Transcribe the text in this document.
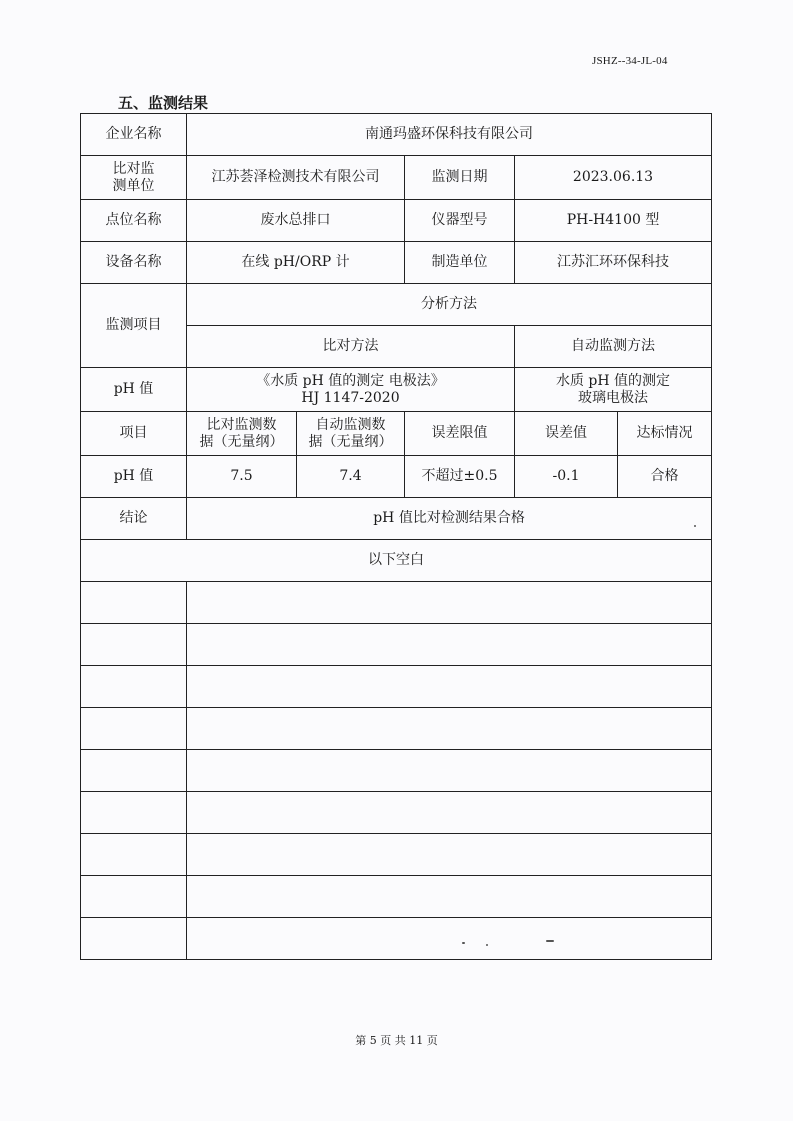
JSHZ--34-JL-04
五、监测结果
企业名称	南通玛盛环保科技有限公司				
比对监
测单位	江苏荟泽检测技术有限公司		监测日期	2023.06.13	
点位名称	废水总排口		仪器型号	PH-H4100 型	
设备名称	在线 pH/ORP 计		制造单位	江苏汇环环保科技	
监测项目	分析方法				
	比对方法			自动监测方法	
pH 值	《水质 pH 值的测定 电极法》
HJ 1147-2020			水质 pH 值的测定
玻璃电极法	
项目	比对监测数
据（无量纲）	自动监测数
据（无量纲）	误差限值	误差值	达标情况
pH 值	7.5	7.4	不超过±0.5	-0.1	合格
结论	pH 值比对检测结果合格				
以下空白					

第 5 页 共 11 页
